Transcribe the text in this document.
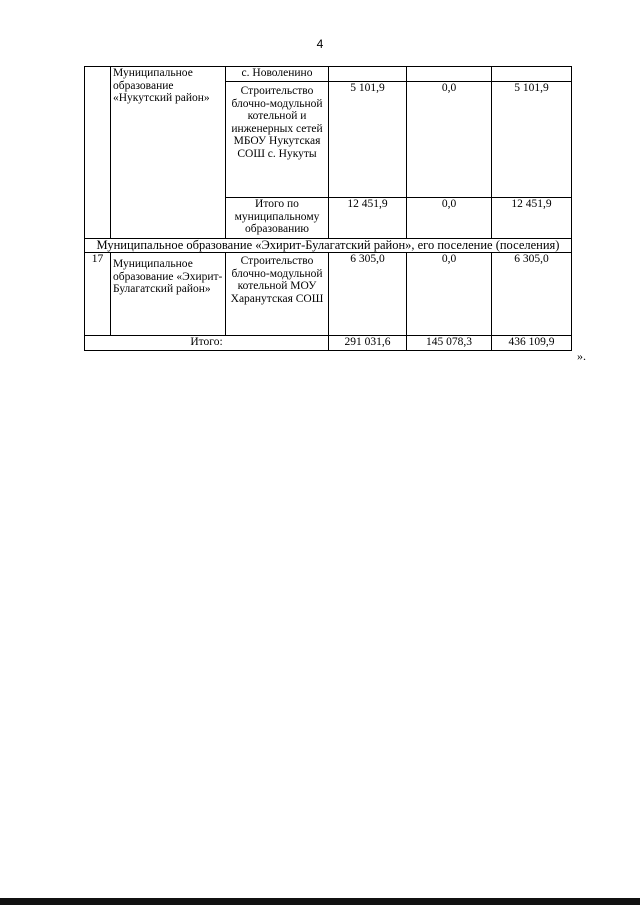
4
	Муниципальное образование «Нукутский район»	с. Новоленино			
		Строительство блочно-модульной котельной и инженерных сетей МБОУ Нукутская СОШ с. Нукуты	5 101,9	0,0	5 101,9
		Итого по муниципальному образованию	12 451,9	0,0	12 451,9
Муниципальное образование «Эхирит-Булагатский район», его поселение (поселения)					
17	Муниципальное образование «Эхирит-Булагатский район»	Строительство блочно-модульной котельной МОУ Харанутская СОШ	6 305,0	0,0	6 305,0
Итого:			291 031,6	145 078,3	436 109,9
».
